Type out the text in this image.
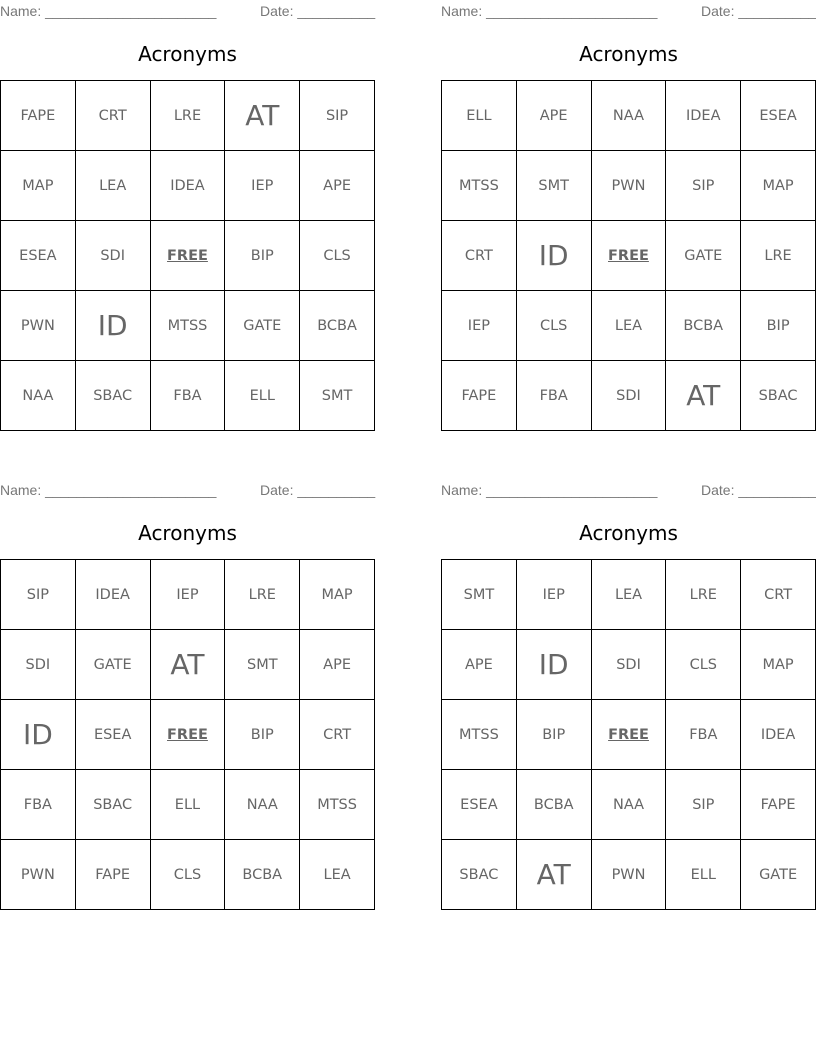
Name: ______________________	Date: __________
Acronyms
FAPE	CRT	LRE	AT	SIP
MAP	LEA	IDEA	IEP	APE
ESEA	SDI	FREE	BIP	CLS
PWN	ID	MTSS	GATE	BCBA
NAA	SBAC	FBA	ELL	SMT
Name: ______________________	Date: __________
Acronyms
ELL	APE	NAA	IDEA	ESEA
MTSS	SMT	PWN	SIP	MAP
CRT	ID	FREE	GATE	LRE
IEP	CLS	LEA	BCBA	BIP
FAPE	FBA	SDI	AT	SBAC
Name: ______________________	Date: __________
Acronyms
SIP	IDEA	IEP	LRE	MAP
SDI	GATE	AT	SMT	APE
ID	ESEA	FREE	BIP	CRT
FBA	SBAC	ELL	NAA	MTSS
PWN	FAPE	CLS	BCBA	LEA
Name: ______________________	Date: __________
Acronyms
SMT	IEP	LEA	LRE	CRT
APE	ID	SDI	CLS	MAP
MTSS	BIP	FREE	FBA	IDEA
ESEA	BCBA	NAA	SIP	FAPE
SBAC	AT	PWN	ELL	GATE
